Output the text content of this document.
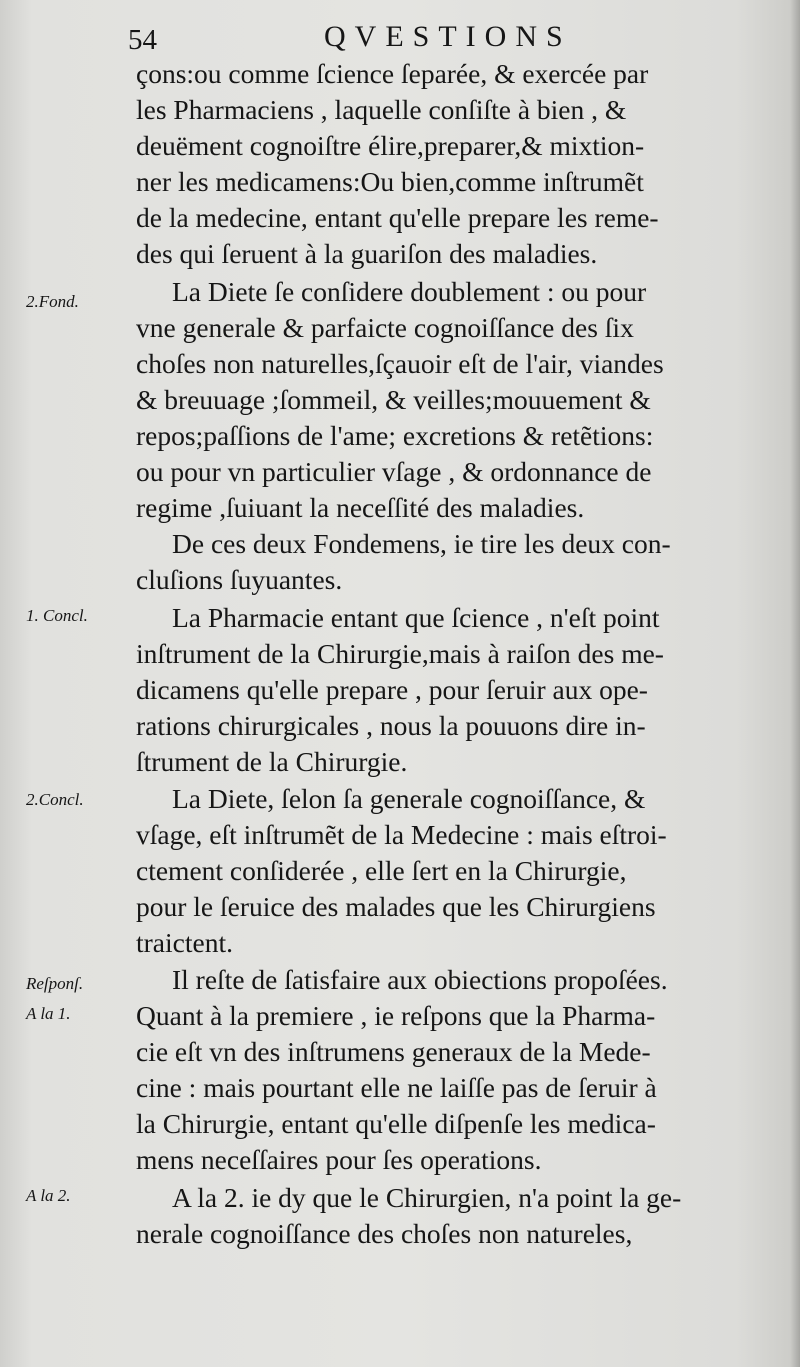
54	QVESTIONS
çons:ou comme ſcience ſeparée, & exercée par
les Pharmaciens , laquelle conſiſte à bien , &
deuëment cognoiſtre élire,preparer,& mixtion-
ner les medicamens:Ou bien,comme inſtrumẽt
de la medecine, entant qu'elle prepare les reme-
des qui ſeruent à la guariſon des maladies.
La Diete ſe conſidere doublement : ou pour
vne generale & parfaicte cognoiſſance des ſix
choſes non naturelles,ſçauoir eſt de l'air, viandes
& breuuage ;ſommeil, & veilles;mouuement &
repos;paſſions de l'ame; excretions & retẽtions:
ou pour vn particulier vſage , & ordonnance de
regime ,ſuiuant la neceſſité des maladies.
De ces deux Fondemens, ie tire les deux con-
cluſions ſuyuantes.
La Pharmacie entant que ſcience , n'eſt point
inſtrument de la Chirurgie,mais à raiſon des me-
dicamens qu'elle prepare , pour ſeruir aux ope-
rations chirurgicales , nous la pouuons dire in-
ſtrument de la Chirurgie.
La Diete, ſelon ſa generale cognoiſſance, &
vſage, eſt inſtrumẽt de la Medecine : mais eſtroi-
ctement conſiderée , elle ſert en la Chirurgie,
pour le ſeruice des malades que les Chirurgiens
traictent.
Il reſte de ſatisfaire aux obiections propoſées.
Quant à la premiere , ie reſpons que la Pharma-
cie eſt vn des inſtrumens generaux de la Mede-
cine : mais pourtant elle ne laiſſe pas de ſeruir à
la Chirurgie, entant qu'elle diſpenſe les medica-
mens neceſſaires pour ſes operations.
A la 2. ie dy que le Chirurgien, n'a point la ge-
nerale cognoiſſance des choſes non natureles,
2.Fond.
1. Concl.
2.Concl.
Reſponſ.
A la 1.
A la 2.
